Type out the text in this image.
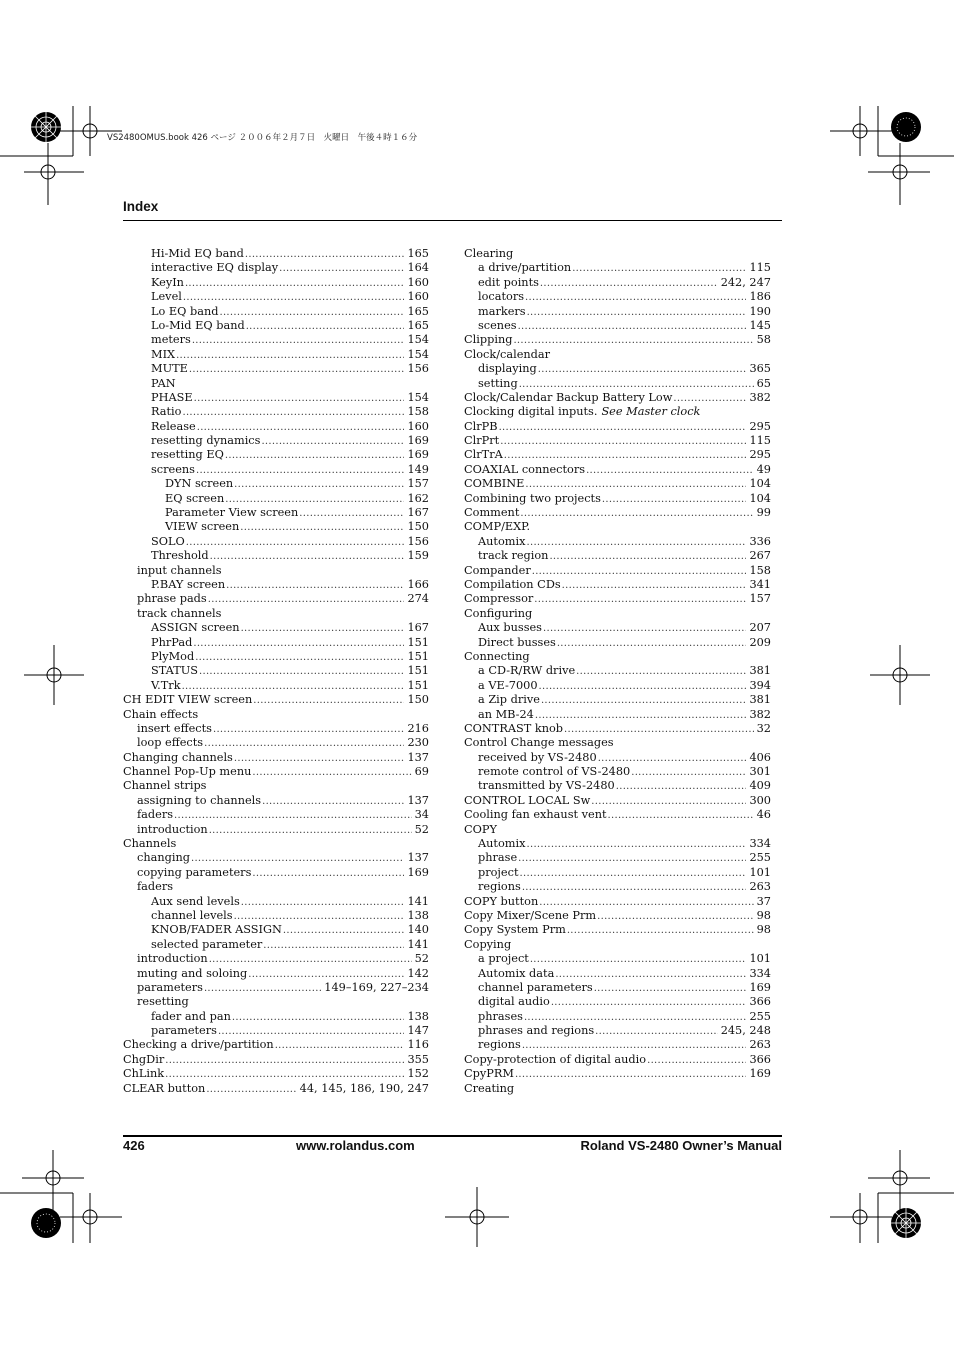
VS2480OMUS.book 426 ページ ２００６年２月７日　火曜日　午後４時１６分
Index
Hi-Mid EQ band .....	165
interactive EQ display .....	164
KeyIn .....	160
Level .....	160
Lo EQ band .....	165
Lo-Mid EQ band .....	165
meters .....	154
MIX .....	154
MUTE .....	156
PAN
PHASE .....	154
Ratio .....	158
Release .....	160
resetting dynamics .....	169
resetting EQ .....	169
screens .....	149
DYN screen .....	157
EQ screen .....	162
Parameter View screen .....	167
VIEW screen .....	150
SOLO .....	156
Threshold .....	159
input channels
P.BAY screen .....	166
phrase pads .....	274
track channels
ASSIGN screen .....	167
PhrPad .....	151
PlyMod .....	151
STATUS .....	151
V.Trk .....	151
CH EDIT VIEW screen .....	150
Chain effects
insert effects .....	216
loop effects .....	230
Changing channels .....	137
Channel Pop-Up menu .....	69
Channel strips
assigning to channels .....	137
faders .....	34
introduction .....	52
Channels
changing .....	137
copying parameters .....	169
faders
Aux send levels .....	141
channel levels .....	138
KNOB/FADER ASSIGN .....	140
selected parameter .....	141
introduction .....	52
muting and soloing .....	142
parameters .....	149–169, 227–234
resetting
fader and pan .....	138
parameters .....	147
Checking a drive/partition .....	116
ChgDir .....	355
ChLink .....	152
CLEAR button .....	44, 145, 186, 190, 247
Clearing
a drive/partition .....	115
edit points .....	242, 247
locators .....	186
markers .....	190
scenes .....	145
Clipping .....	58
Clock/calendar
displaying .....	365
setting .....	65
Clock/Calendar Backup Battery Low .....	382
Clocking digital inputs. See Master clock
ClrPB .....	295
ClrPrt .....	115
ClrTrA .....	295
COAXIAL connectors .....	49
COMBINE .....	104
Combining two projects .....	104
Comment .....	99
COMP/EXP.
Automix .....	336
track region .....	267
Compander .....	158
Compilation CDs .....	341
Compressor .....	157
Configuring
Aux busses .....	207
Direct busses .....	209
Connecting
a CD-R/RW drive .....	381
a VE-7000 .....	394
a Zip drive .....	381
an MB-24 .....	382
CONTRAST knob .....	32
Control Change messages
received by VS-2480 .....	406
remote control of VS-2480 .....	301
transmitted by VS-2480 .....	409
CONTROL LOCAL Sw .....	300
Cooling fan exhaust vent .....	46
COPY
Automix .....	334
phrase .....	255
project .....	101
regions .....	263
COPY button .....	37
Copy Mixer/Scene Prm .....	98
Copy System Prm .....	98
Copying
a project .....	101
Automix data .....	334
channel parameters .....	169
digital audio .....	366
phrases .....	255
phrases and regions .....	245, 248
regions .....	263
Copy-protection of digital audio .....	366
CpyPRM .....	169
Creating
426	www.rolandus.com	Roland VS-2480 Owner’s Manual
